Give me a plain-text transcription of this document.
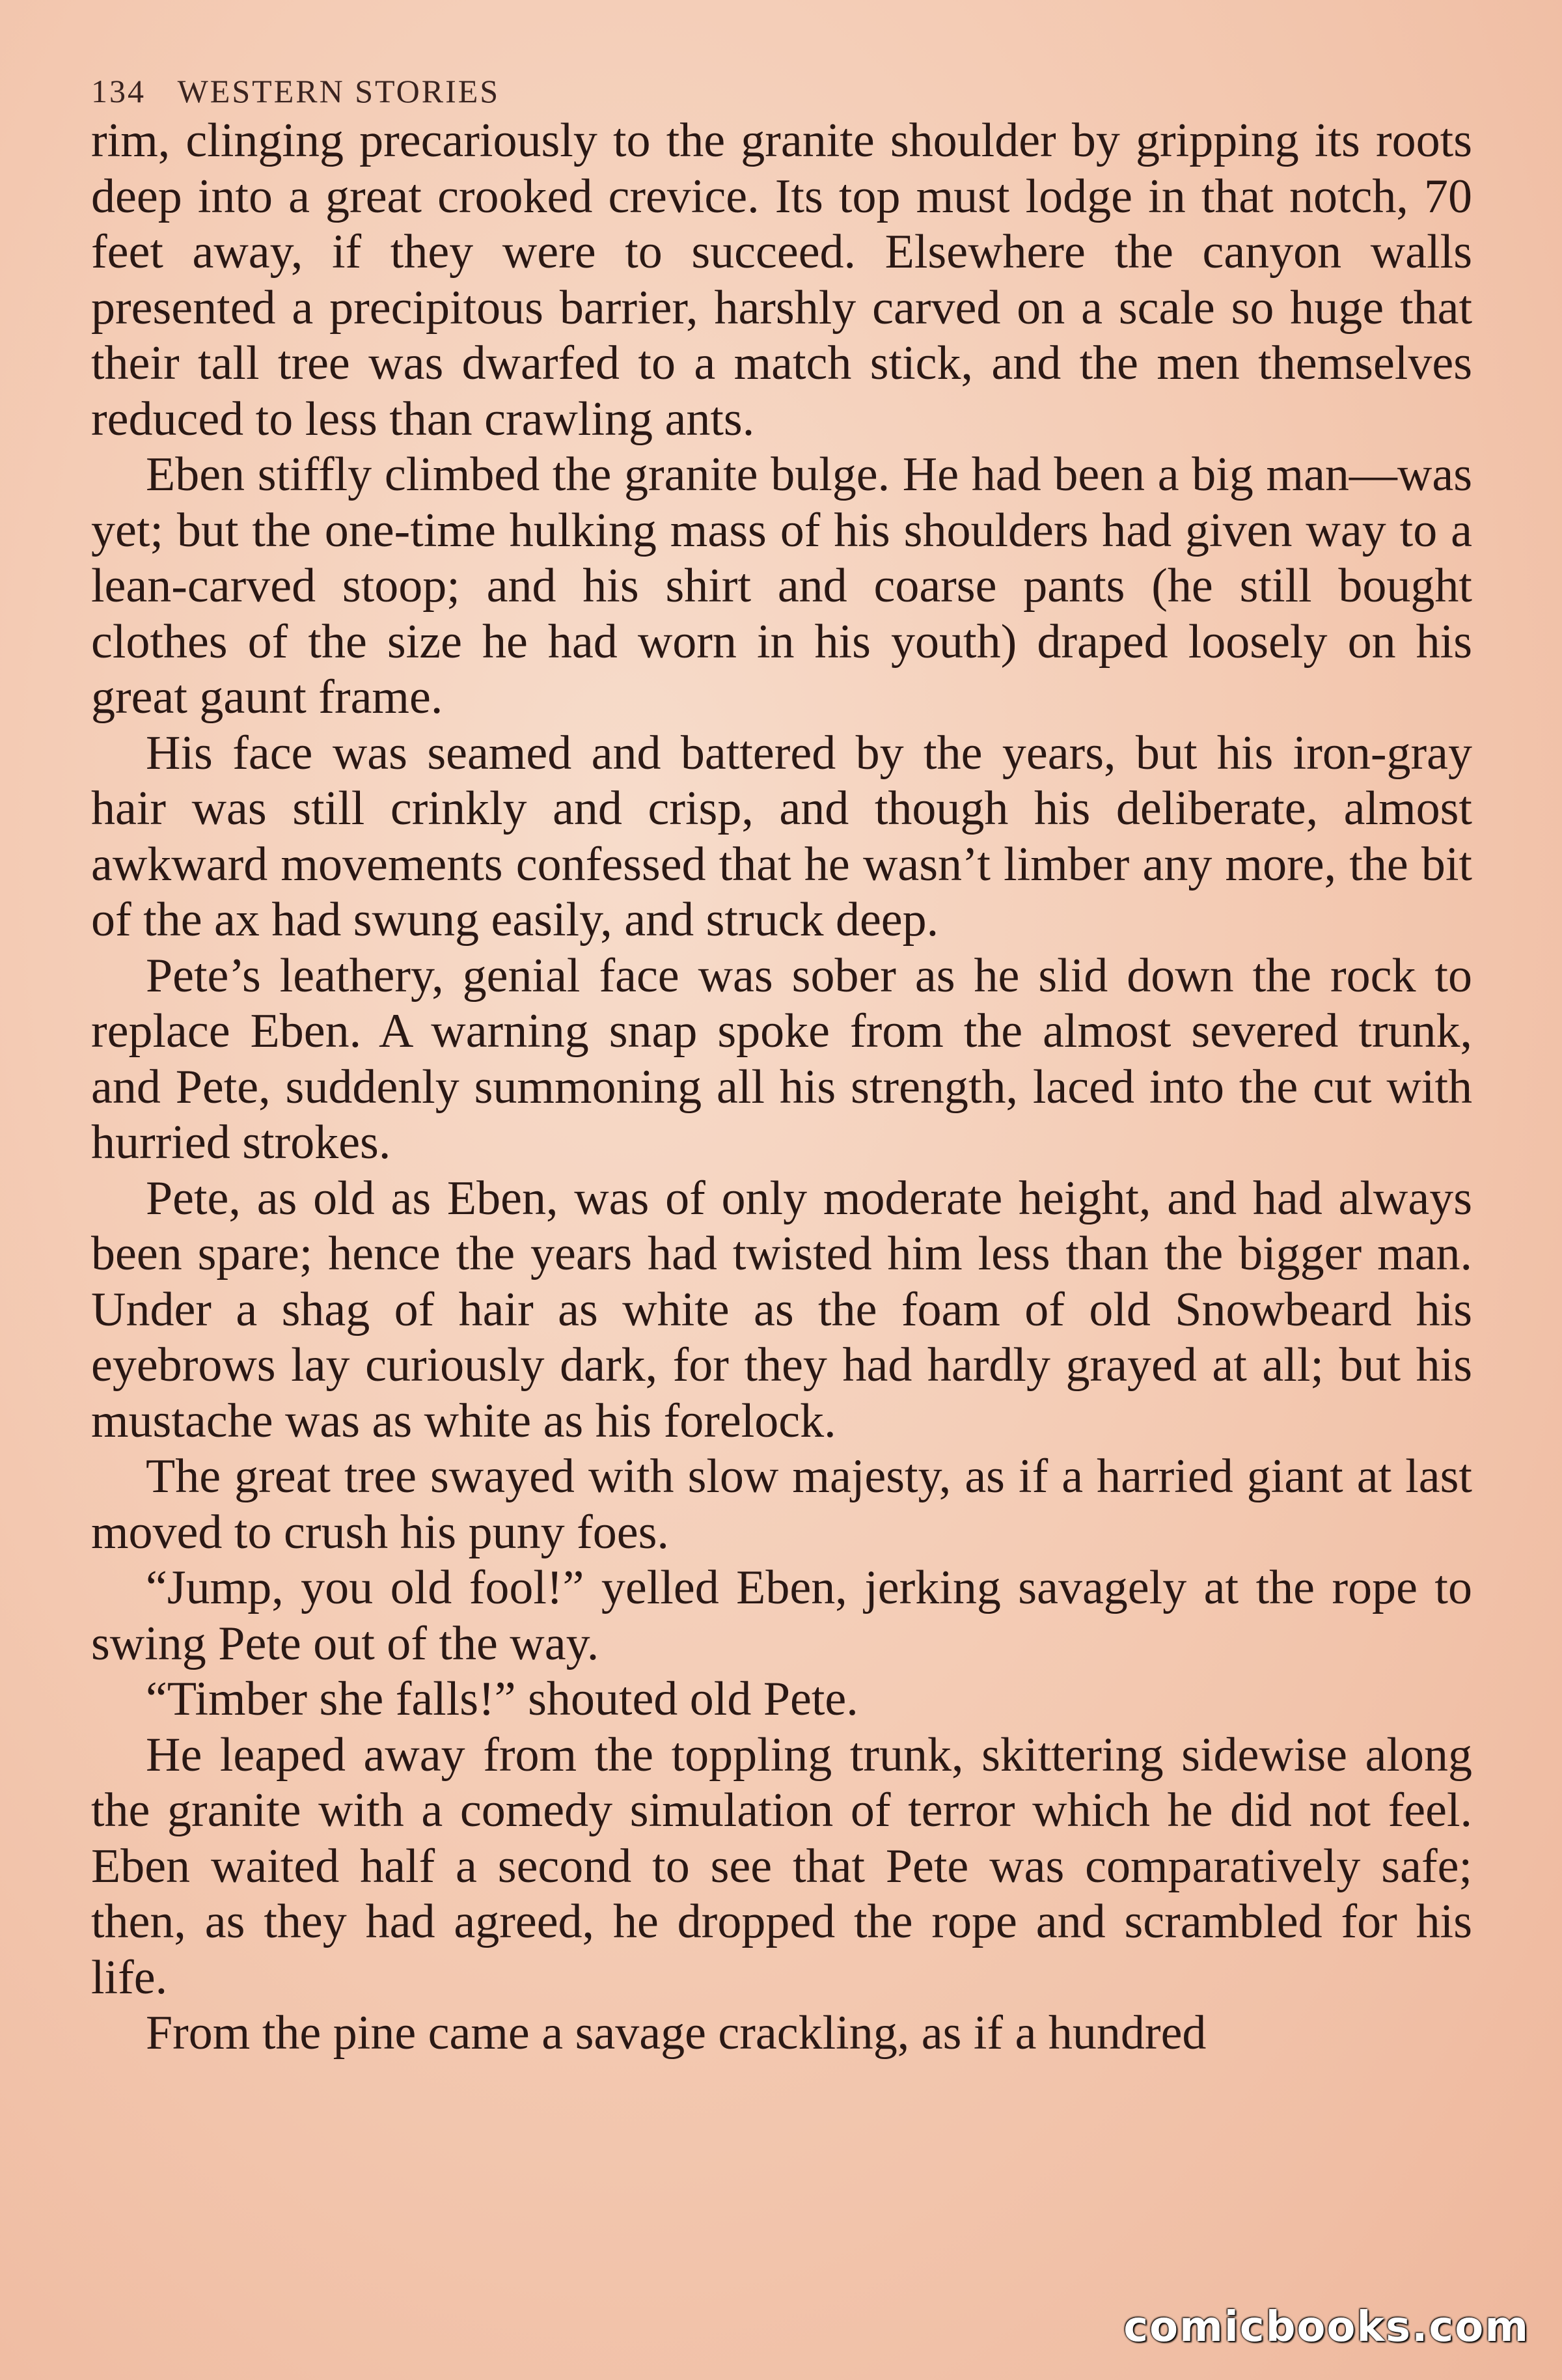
134 WESTERN STORIES

rim, clinging precariously to the granite shoulder by gripping its roots deep into a great crooked crevice. Its top must lodge in that notch, 70 feet away, if they were to succeed. Elsewhere the canyon walls presented a precipitous barrier, harshly carved on a scale so huge that their tall tree was dwarfed to a match stick, and the men themselves reduced to less than crawling ants.

Eben stiffly climbed the granite bulge. He had been a big man—was yet; but the one-time hulking mass of his shoulders had given way to a lean-carved stoop; and his shirt and coarse pants (he still bought clothes of the size he had worn in his youth) draped loosely on his great gaunt frame.

His face was seamed and battered by the years, but his iron-gray hair was still crinkly and crisp, and though his deliberate, almost awkward movements confessed that he wasn’t limber any more, the bit of the ax had swung easily, and struck deep.

Pete’s leathery, genial face was sober as he slid down the rock to replace Eben. A warning snap spoke from the almost severed trunk, and Pete, suddenly summoning all his strength, laced into the cut with hurried strokes.

Pete, as old as Eben, was of only moderate height, and had always been spare; hence the years had twisted him less than the bigger man. Under a shag of hair as white as the foam of old Snowbeard his eyebrows lay curiously dark, for they had hardly grayed at all; but his mustache was as white as his forelock.

The great tree swayed with slow majesty, as if a harried giant at last moved to crush his puny foes.

“Jump, you old fool!” yelled Eben, jerking savagely at the rope to swing Pete out of the way.

“Timber she falls!” shouted old Pete.

He leaped away from the toppling trunk, skittering sidewise along the granite with a comedy simulation of terror which he did not feel. Eben waited half a second to see that Pete was comparatively safe; then, as they had agreed, he dropped the rope and scrambled for his life.

From the pine came a savage crackling, as if a hundred

comicbooks.com
